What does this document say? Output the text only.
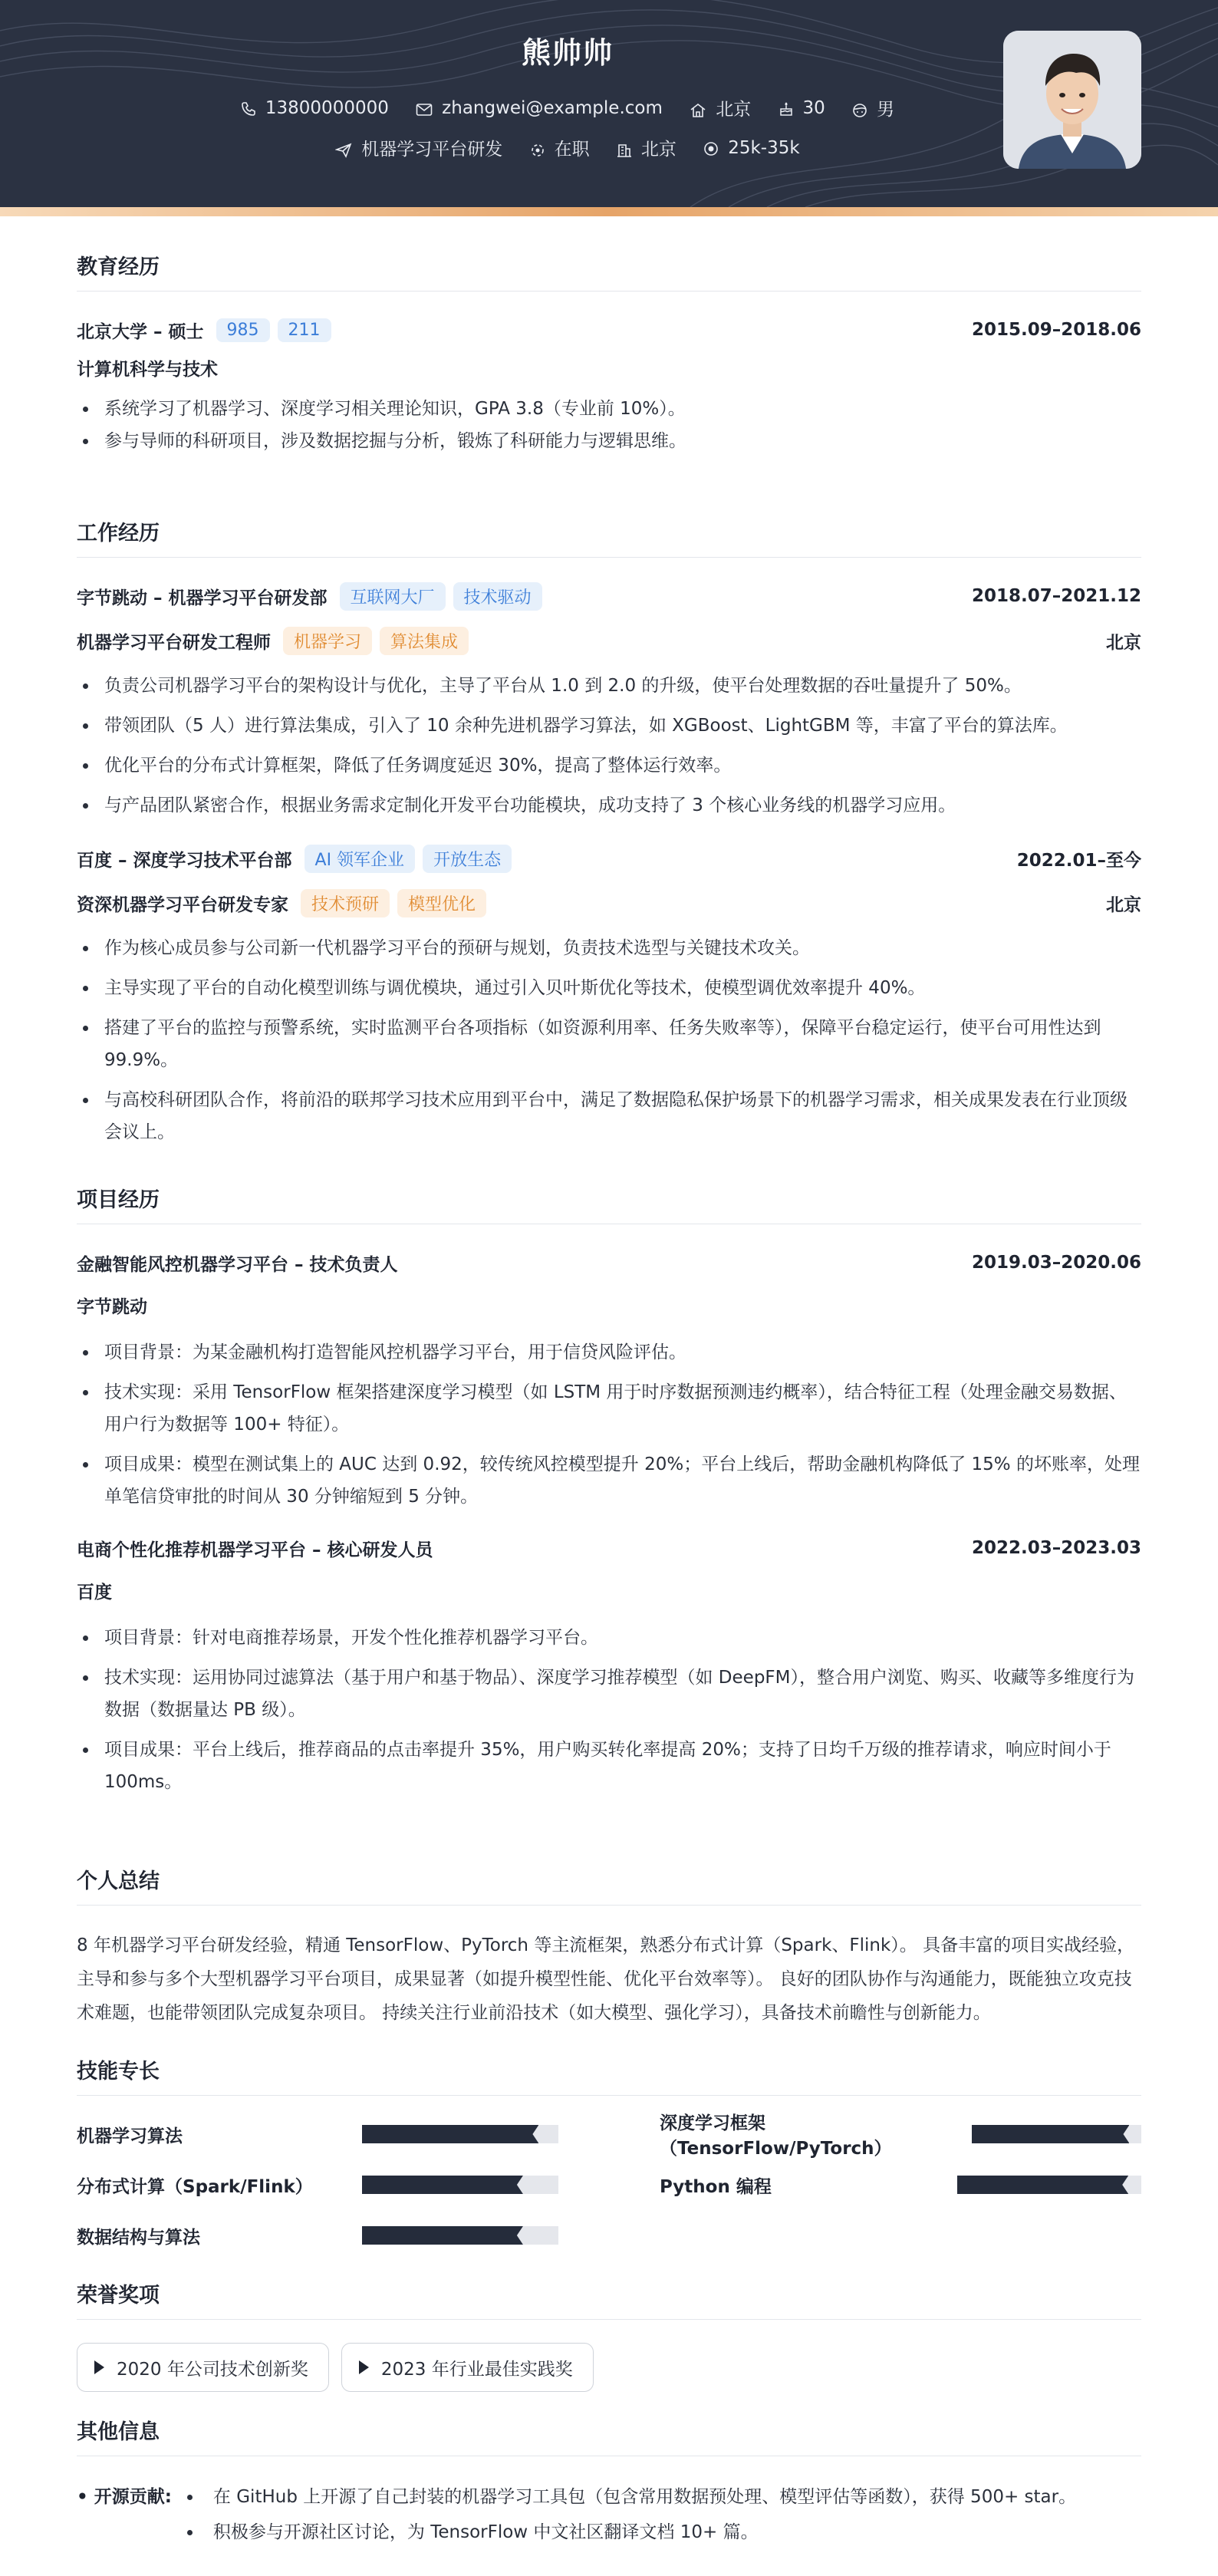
熊帅帅
13800000000	zhangwei@example.com	北京	30	男
机器学习平台研发	在职	北京	25k-35k
教育经历
北京大学 – 硕士	985	211	2015.09–2018.06
计算机科学与技术
• 系统学习了机器学习、深度学习相关理论知识，GPA 3.8（专业前 10%）。
• 参与导师的科研项目，涉及数据挖掘与分析，锻炼了科研能力与逻辑思维。
工作经历
字节跳动 – 机器学习平台研发部	互联网大厂	技术驱动	2018.07–2021.12
机器学习平台研发工程师	机器学习	算法集成	北京
• 负责公司机器学习平台的架构设计与优化，主导了平台从 1.0 到 2.0 的升级，使平台处理数据的吞吐量提升了 50%。
• 带领团队（5 人）进行算法集成，引入了 10 余种先进机器学习算法，如 XGBoost、LightGBM 等，丰富了平台的算法库。
• 优化平台的分布式计算框架，降低了任务调度延迟 30%，提高了整体运行效率。
• 与产品团队紧密合作，根据业务需求定制化开发平台功能模块，成功支持了 3 个核心业务线的机器学习应用。
百度 – 深度学习技术平台部	AI 领军企业	开放生态	2022.01–至今
资深机器学习平台研发专家	技术预研	模型优化	北京
• 作为核心成员参与公司新一代机器学习平台的预研与规划，负责技术选型与关键技术攻关。
• 主导实现了平台的自动化模型训练与调优模块，通过引入贝叶斯优化等技术，使模型调优效率提升 40%。
• 搭建了平台的监控与预警系统，实时监测平台各项指标（如资源利用率、任务失败率等），保障平台稳定运行，使平台可用性达到 99.9%。
• 与高校科研团队合作，将前沿的联邦学习技术应用到平台中，满足了数据隐私保护场景下的机器学习需求，相关成果发表在行业顶级会议上。
项目经历
金融智能风控机器学习平台 – 技术负责人	2019.03–2020.06
字节跳动
• 项目背景：为某金融机构打造智能风控机器学习平台，用于信贷风险评估。
• 技术实现：采用 TensorFlow 框架搭建深度学习模型（如 LSTM 用于时序数据预测违约概率），结合特征工程（处理金融交易数据、用户行为数据等 100+ 特征）。
• 项目成果：模型在测试集上的 AUC 达到 0.92，较传统风控模型提升 20%；平台上线后，帮助金融机构降低了 15% 的坏账率，处理单笔信贷审批的时间从 30 分钟缩短到 5 分钟。
电商个性化推荐机器学习平台 – 核心研发人员	2022.03–2023.03
百度
• 项目背景：针对电商推荐场景，开发个性化推荐机器学习平台。
• 技术实现：运用协同过滤算法（基于用户和基于物品）、深度学习推荐模型（如 DeepFM），整合用户浏览、购买、收藏等多维度行为数据（数据量达 PB 级）。
• 项目成果：平台上线后，推荐商品的点击率提升 35%，用户购买转化率提高 20%；支持了日均千万级的推荐请求，响应时间小于 100ms。
个人总结
8 年机器学习平台研发经验，精通 TensorFlow、PyTorch 等主流框架，熟悉分布式计算（Spark、Flink）。 具备丰富的项目实战经验，主导和参与多个大型机器学习平台项目，成果显著（如提升模型性能、优化平台效率等）。 良好的团队协作与沟通能力，既能独立攻克技术难题，也能带领团队完成复杂项目。 持续关注行业前沿技术（如大模型、强化学习），具备技术前瞻性与创新能力。
技能专长
机器学习算法
深度学习框架（TensorFlow/PyTorch）
分布式计算（Spark/Flink）	Python 编程
数据结构与算法
荣誉奖项
2020 年公司技术创新奖	2023 年行业最佳实践奖
其他信息
• 开源贡献:
•	在 GitHub 上开源了自己封装的机器学习工具包（包含常用数据预处理、模型评估等函数），获得 500+ star。
• 积极参与开源社区讨论，为 TensorFlow 中文社区翻译文档 10+ 篇。
